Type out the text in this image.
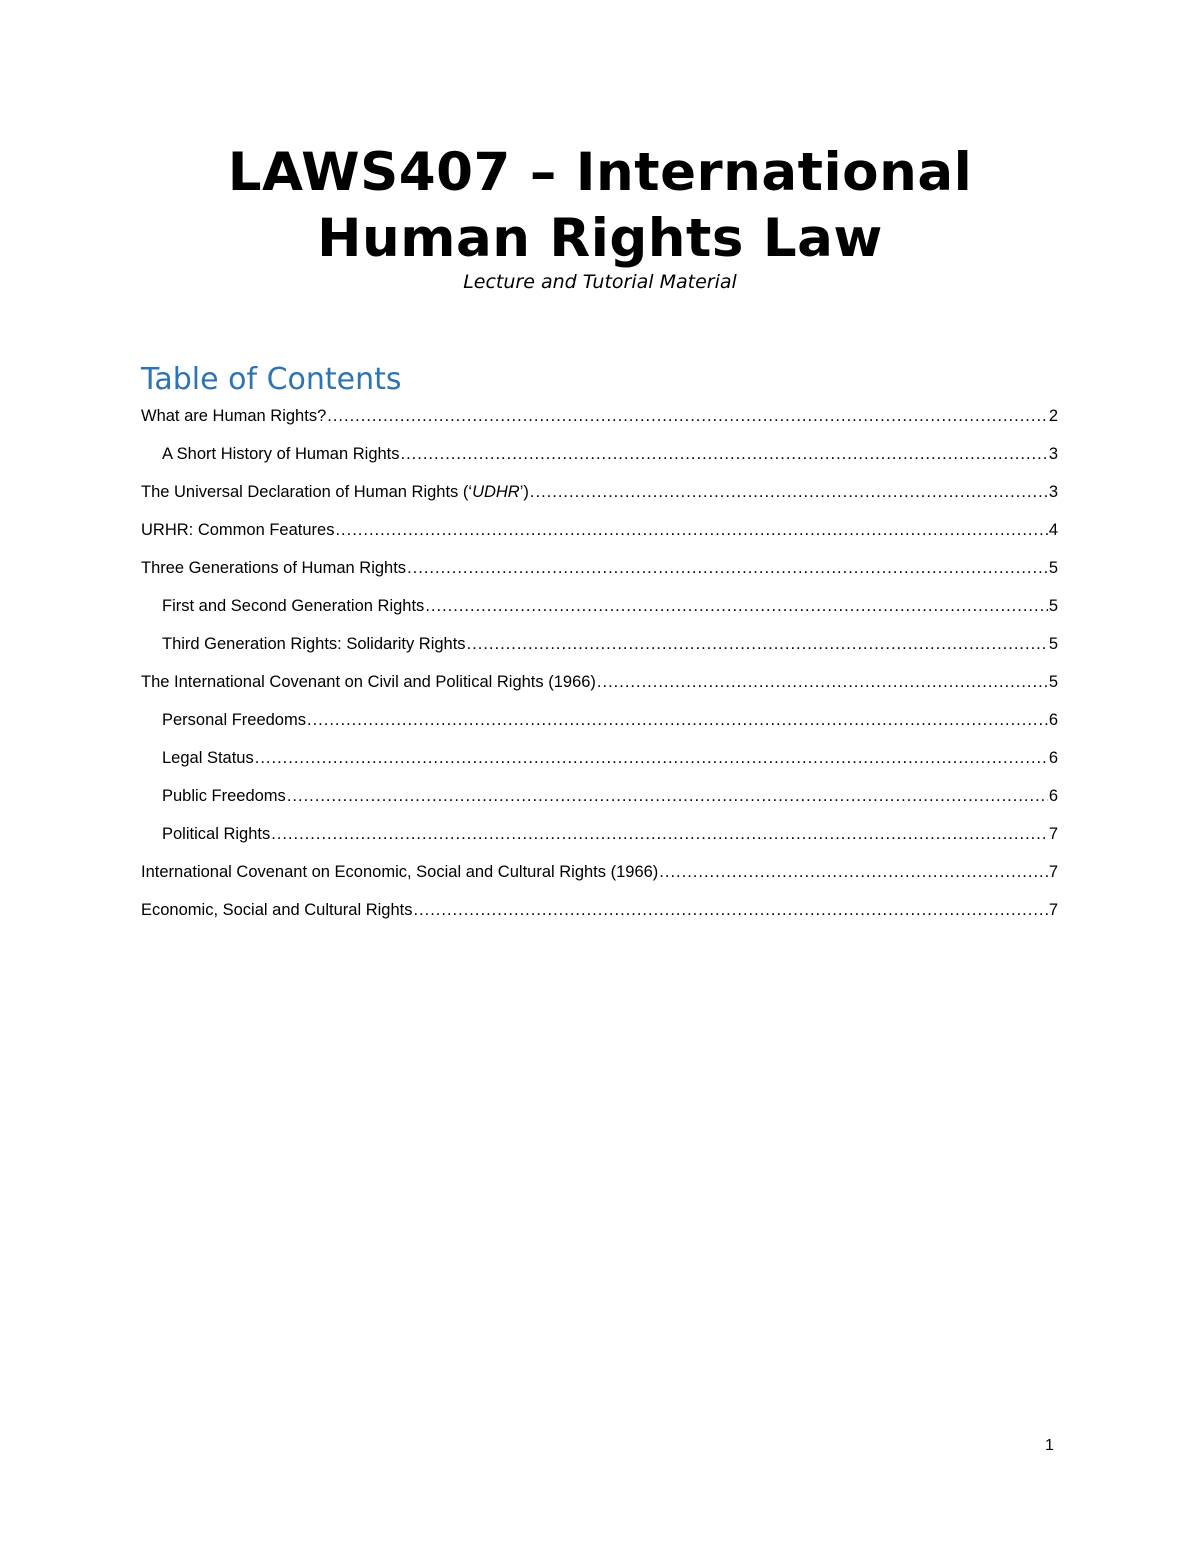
LAWS407 – International
Human Rights Law
Lecture and Tutorial Material
Table of Contents
What are Human Rights? .....	2
A Short History of Human Rights .....	3
The Universal Declaration of Human Rights (‘UDHR’) .....	3
URHR: Common Features .....	4
Three Generations of Human Rights .....	5
First and Second Generation Rights .....	5
Third Generation Rights: Solidarity Rights .....	5
The International Covenant on Civil and Political Rights (1966) .....	5
Personal Freedoms .....	6
Legal Status .....	6
Public Freedoms .....	6
Political Rights .....	7
International Covenant on Economic, Social and Cultural Rights (1966) .....	7
Economic, Social and Cultural Rights .....	7
1
